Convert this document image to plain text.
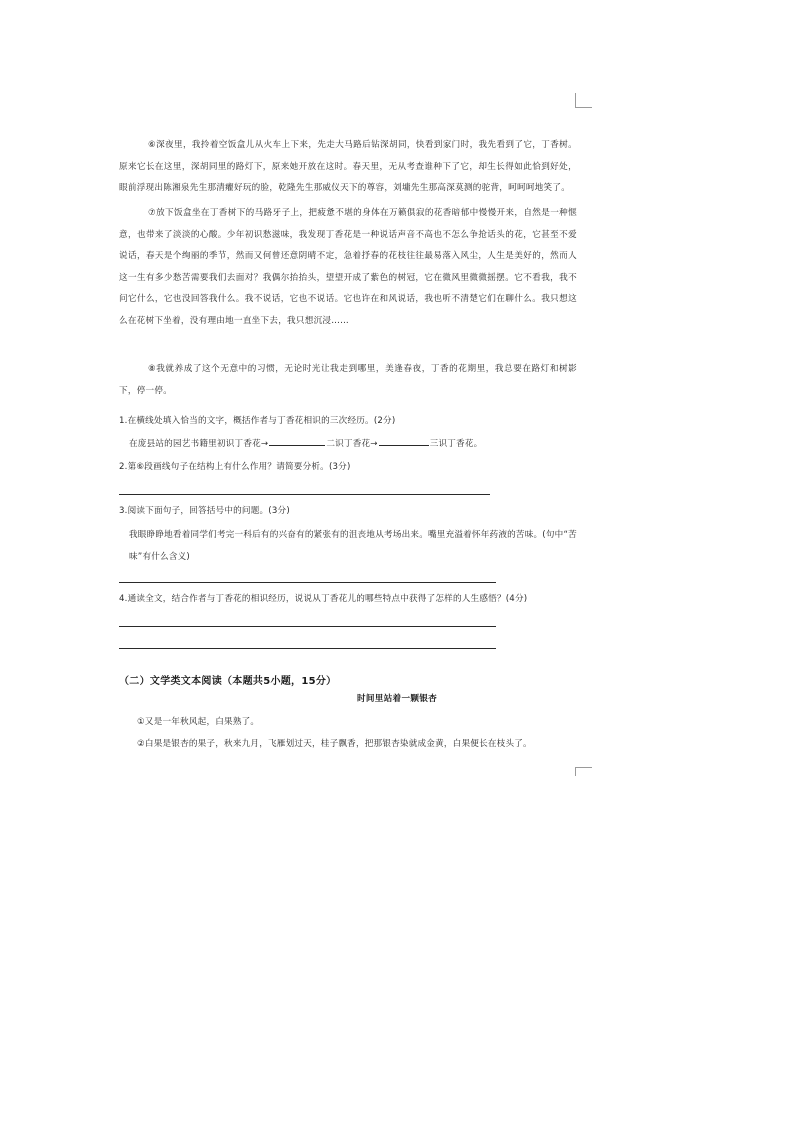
⑥深夜里，我拎着空饭盒儿从火车上下来，先走大马路后钻深胡同，快看到家门时，我先看到了它，丁香树。原来它长在这里，深胡同里的路灯下，原来她开放在这时。春天里，无从考查谁种下了它，却生长得如此恰到好处，眼前浮现出陈湘泉先生那清癯好玩的脸，乾隆先生那威仪天下的尊容，刘墉先生那高深莫测的驼背，呵呵呵地笑了。
⑦放下饭盒坐在丁香树下的马路牙子上，把疲惫不堪的身体在万籁俱寂的花香暗郁中慢慢开来，自然是一种惬意，也带来了淡淡的心酸。少年初识愁滋味，我发现丁香花是一种说话声音不高也不怎么争抢话头的花，它甚至不爱说话，春天是个绚丽的季节，然而又何曾还意阴晴不定，急着抒春的花枝往往最易落入风尘，人生是美好的，然而人这一生有多少愁苦需要我们去面对？我偶尔抬抬头，望望开成了紫色的树冠，它在微风里微微摇摆。它不看我，我不问它什么，它也没回答我什么。我不说话，它也不说话。它也许在和风说话，我也听不清楚它们在聊什么。我只想这么在花树下坐着，没有理由地一直坐下去，我只想沉浸……
⑧我就养成了这个无意中的习惯，无论时光让我走到哪里，美逢春夜，丁香的花期里，我总要在路灯和树影下，停一停。
1.在横线处填入恰当的文字，概括作者与丁香花相识的三次经历。(2分)
在庞县站的园艺书籍里初识丁香花→	二识丁香花→	三识丁香花。
2.第⑥段画线句子在结构上有什么作用？请简要分析。(3分)
3.阅读下面句子，回答括号中的问题。(3分)
我眼睁睁地看着同学们考完一科后有的兴奋有的紧张有的沮丧地从考场出来。嘴里充溢着怀年药液的苦味。(句中“苦味”有什么含义)
4.通读全文，结合作者与丁香花的相识经历，说说从丁香花儿的哪些特点中获得了怎样的人生感悟？(4分)
（二）文学类文本阅读（本题共5小题，15分）
时间里站着一颗银杏
①又是一年秋风起，白果熟了。
②白果是银杏的果子，秋来九月，飞雁划过天，桂子飘香，把那银杏染就成金黄，白果便长在枝头了。
